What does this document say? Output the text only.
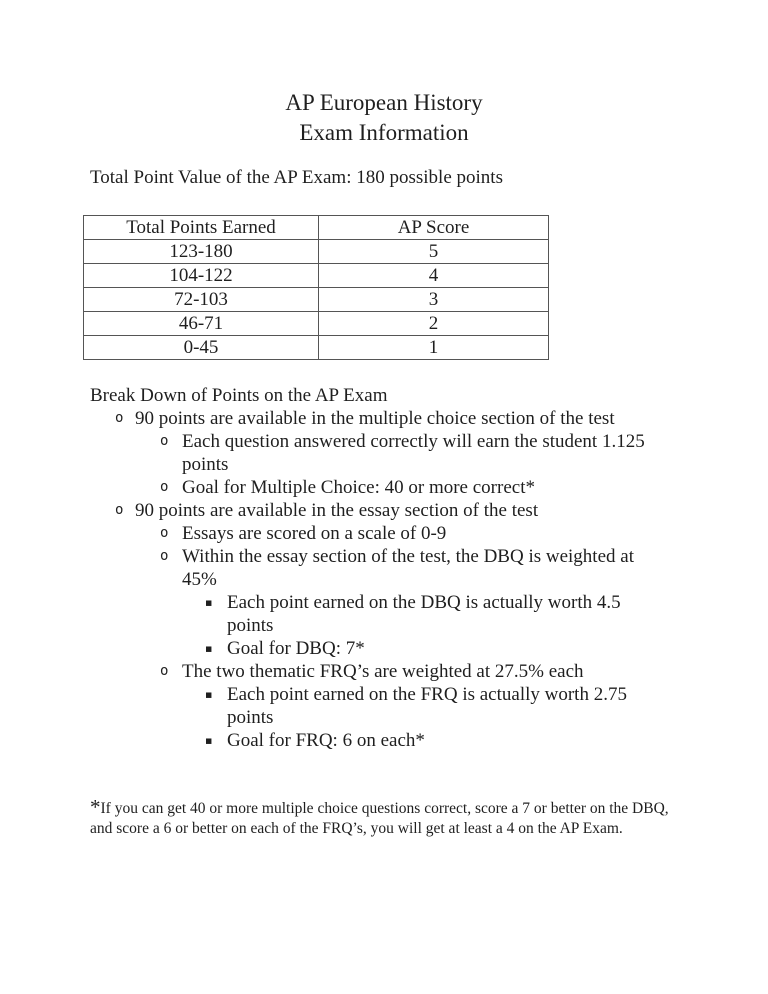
AP European History
Exam Information
Total Point Value of the AP Exam: 180 possible points
Total Points Earned	AP Score
123-180	5
104-122	4
72-103	3
46-71	2
0-45	1
Break Down of Points on the AP Exam
o 90 points are available in the multiple choice section of the test
o Each question answered correctly will earn the student 1.125
points
o Goal for Multiple Choice: 40 or more correct*
o 90 points are available in the essay section of the test
o Essays are scored on a scale of 0-9
o Within the essay section of the test, the DBQ is weighted at
45%
▪ Each point earned on the DBQ is actually worth 4.5
points
▪ Goal for DBQ: 7*
o The two thematic FRQ’s are weighted at 27.5% each
▪ Each point earned on the FRQ is actually worth 2.75
points
▪ Goal for FRQ: 6 on each*
*If you can get 40 or more multiple choice questions correct, score a 7 or better on the DBQ,
and score a 6 or better on each of the FRQ’s, you will get at least a 4 on the AP Exam.
